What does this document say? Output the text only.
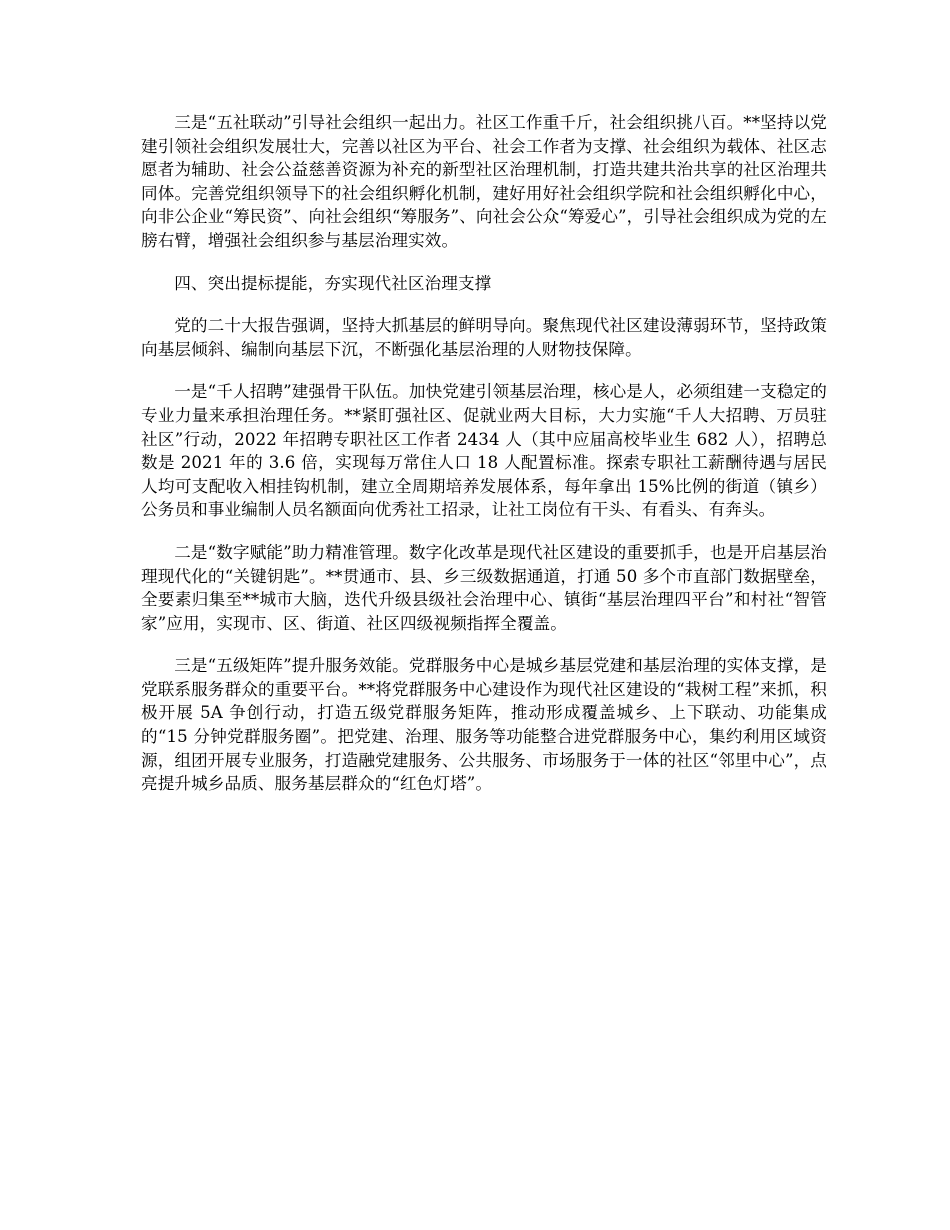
三是“五社联动”引导社会组织一起出力。社区工作重千斤，社会组织挑八百。**坚持以党建引领社会组织发展壮大，完善以社区为平台、社会工作者为支撑、社会组织为载体、社区志愿者为辅助、社会公益慈善资源为补充的新型社区治理机制，打造共建共治共享的社区治理共同体。完善党组织领导下的社会组织孵化机制，建好用好社会组织学院和社会组织孵化中心，向非公企业“筹民资”、向社会组织“筹服务”、向社会公众“筹爱心”，引导社会组织成为党的左膀右臂，增强社会组织参与基层治理实效。

四、突出提标提能，夯实现代社区治理支撑

党的二十大报告强调，坚持大抓基层的鲜明导向。聚焦现代社区建设薄弱环节，坚持政策向基层倾斜、编制向基层下沉，不断强化基层治理的人财物技保障。

一是“千人招聘”建强骨干队伍。加快党建引领基层治理，核心是人，必须组建一支稳定的专业力量来承担治理任务。**紧盯强社区、促就业两大目标，大力实施“千人大招聘、万员驻社区”行动，2022 年招聘专职社区工作者 2434 人（其中应届高校毕业生 682 人），招聘总数是 2021 年的 3.6 倍，实现每万常住人口 18 人配置标准。探索专职社工薪酬待遇与居民人均可支配收入相挂钩机制，建立全周期培养发展体系，每年拿出 15%比例的街道（镇乡）公务员和事业编制人员名额面向优秀社工招录，让社工岗位有干头、有看头、有奔头。

二是“数字赋能”助力精准管理。数字化改革是现代社区建设的重要抓手，也是开启基层治理现代化的“关键钥匙”。**贯通市、县、乡三级数据通道，打通 50 多个市直部门数据壁垒，全要素归集至**城市大脑，迭代升级县级社会治理中心、镇街“基层治理四平台”和村社“智管家”应用，实现市、区、街道、社区四级视频指挥全覆盖。

三是“五级矩阵”提升服务效能。党群服务中心是城乡基层党建和基层治理的实体支撑，是党联系服务群众的重要平台。**将党群服务中心建设作为现代社区建设的“栽树工程”来抓，积极开展 5A 争创行动，打造五级党群服务矩阵，推动形成覆盖城乡、上下联动、功能集成的“15 分钟党群服务圈”。把党建、治理、服务等功能整合进党群服务中心，集约利用区域资源，组团开展专业服务，打造融党建服务、公共服务、市场服务于一体的社区“邻里中心”，点亮提升城乡品质、服务基层群众的“红色灯塔”。
